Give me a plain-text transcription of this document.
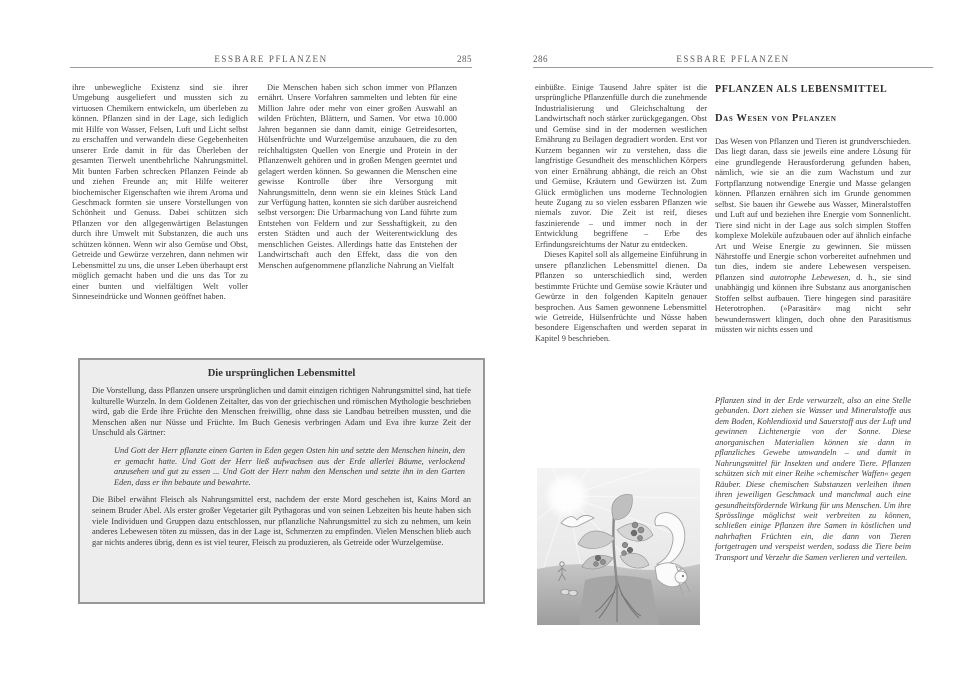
ESSBARE PFLANZEN	285

ihre unbewegliche Existenz sind sie ihrer Umgebung ausgeliefert und mussten sich zu virtuosen Chemikern entwickeln, um überleben zu können. Pflanzen sind in der Lage, sich lediglich mit Hilfe von Wasser, Felsen, Luft und Licht selbst zu erschaffen und verwandeln diese Gegebenheiten unserer Erde damit in für das Überleben der gesamten Tierwelt unentbehrliche Nahrungsmittel. Mit bunten Farben schrecken Pflanzen Feinde ab und ziehen Freunde an; mit Hilfe weiterer biochemischer Eigenschaften wie ihrem Aroma und Geschmack formten sie unsere Vorstellungen von Schönheit und Genuss. Dabei schützen sich Pflanzen vor den allgegenwärtigen Belastungen durch ihre Umwelt mit Substanzen, die auch uns schützen können. Wenn wir also Gemüse und Obst, Getreide und Gewürze verzehren, dann nehmen wir Lebensmittel zu uns, die unser Leben überhaupt erst möglich gemacht haben und die uns das Tor zu einer bunten und vielfältigen Welt voller Sinneseindrücke und Wonnen geöffnet haben.

Die Menschen haben sich schon immer von Pflanzen ernährt. Unsere Vorfahren sammelten und lebten für eine Million Jahre oder mehr von einer großen Auswahl an wilden Früchten, Blättern, und Samen. Vor etwa 10.000 Jahren begannen sie dann damit, einige Getreidesorten, Hülsenfrüchte und Wurzelgemüse anzubauen, die zu den reichhaltigsten Quellen von Energie und Protein in der Pflanzenwelt gehören und in großen Mengen geerntet und gelagert werden können. So gewannen die Menschen eine gewisse Kontrolle über ihre Versorgung mit Nahrungsmitteln, denn wenn sie ein kleines Stück Land zur Verfügung hatten, konnten sie sich darüber ausreichend selbst versorgen: Die Urbarmachung von Land führte zum Entstehen von Feldern und zur Sesshaftigkeit, zu den ersten Städten und auch der Weiterentwicklung des menschlichen Geistes. Allerdings hatte das Entstehen der Landwirtschaft auch den Effekt, dass die von den Menschen aufgenommene pflanzliche Nahrung an Vielfalt

Die ursprünglichen Lebensmittel

Die Vorstellung, dass Pflanzen unsere ursprünglichen und damit einzigen richtigen Nahrungsmittel sind, hat tiefe kulturelle Wurzeln. In dem Goldenen Zeitalter, das von der griechischen und römischen Mythologie beschrieben wird, gab die Erde ihre Früchte den Menschen freiwillig, ohne dass sie Landbau betreiben mussten, und die Menschen aßen nur Nüsse und Früchte. Im Buch Genesis verbringen Adam und Eva ihre kurze Zeit der Unschuld als Gärtner:

Und Gott der Herr pflanzte einen Garten in Eden gegen Osten hin und setzte den Menschen hinein, den er gemacht hatte. Und Gott der Herr ließ aufwachsen aus der Erde allerlei Bäume, verlockend anzusehen und gut zu essen ... Und Gott der Herr nahm den Menschen und setzte ihn in den Garten Eden, dass er ihn bebaute und bewahrte.

Die Bibel erwähnt Fleisch als Nahrungsmittel erst, nachdem der erste Mord geschehen ist, Kains Mord an seinem Bruder Abel. Als erster großer Vegetarier gilt Pythagoras und von seinen Lebzeiten bis heute haben sich viele Individuen und Gruppen dazu entschlossen, nur pflanzliche Nahrungsmittel zu sich zu nehmen, um kein anderes Lebewesen töten zu müssen, das in der Lage ist, Schmerzen zu empfinden. Vielen Menschen blieb auch gar nichts anderes übrig, denn es ist viel teurer, Fleisch zu produzieren, als Getreide oder Wurzelgemüse.

ESSBARE PFLANZEN
286

einbüßte. Einige Tausend Jahre später ist die ursprüngliche Pflanzenfülle durch die zunehmende Industrialisierung und Gleichschaltung der Landwirtschaft noch stärker zurückgegangen. Obst und Gemüse sind in der modernen westlichen Ernährung zu Beilagen degradiert worden. Erst vor Kurzem begannen wir zu verstehen, dass die langfristige Gesundheit des menschlichen Körpers von einer Ernährung abhängt, die reich an Obst und Gemüse, Kräutern und Gewürzen ist. Zum Glück ermöglichen uns moderne Technologien heute Zugang zu so vielen essbaren Pflanzen wie niemals zuvor. Die Zeit ist reif, dieses faszinierende – und immer noch in der Entwicklung begriffene – Erbe des Erfindungsreichtums der Natur zu entdecken.

Dieses Kapitel soll als allgemeine Einführung in unsere pflanzlichen Lebensmittel dienen. Da Pflanzen so unterschiedlich sind, werden bestimmte Früchte und Gemüse sowie Kräuter und Gewürze in den folgenden Kapiteln genauer besprochen. Aus Samen gewonnene Lebensmittel wie Getreide, Hülsenfrüchte und Nüsse haben besondere Eigenschaften und werden separat in Kapitel 9 beschrieben.

PFLANZEN ALS LEBENSMITTEL
Das Wesen von Pflanzen

Das Wesen von Pflanzen und Tieren ist grundverschieden. Das liegt daran, dass sie jeweils eine andere Lösung für eine grundlegende Herausforderung gefunden haben, nämlich, wie sie an die zum Wachstum und zur Fortpflanzung notwendige Energie und Masse gelangen können. Pflanzen ernähren sich im Grunde genommen selbst. Sie bauen ihr Gewebe aus Wasser, Mineralstoffen und Luft auf und beziehen ihre Energie vom Sonnenlicht. Tiere sind nicht in der Lage aus solch simplen Stoffen komplexe Moleküle aufzubauen oder auf ähnlich einfache Art und Weise Energie zu gewinnen. Sie müssen Nährstoffe und Energie schon vorbereitet aufnehmen und tun dies, indem sie andere Lebewesen verspeisen. Pflanzen sind autotrophe Lebewesen, d. h., sie sind unabhängig und können ihre Substanz aus anorganischen Stoffen selbst aufbauen. Tiere hingegen sind parasitäre Heterotrophen. (»Parasitär« mag nicht sehr bewundernswert klingen, doch ohne den Parasitismus müssten wir nichts essen und

Pflanzen sind in der Erde verwurzelt, also an eine Stelle gebunden. Dort ziehen sie Wasser und Mineralstoffe aus dem Boden, Kohlendioxid und Sauerstoff aus der Luft und gewinnen Lichtenergie von der Sonne. Diese anorganischen Materialien können sie dann in pflanzliches Gewebe umwandeln – und damit in Nahrungsmittel für Insekten und andere Tiere. Pflanzen schützen sich mit einer Reihe »chemischer Waffen« gegen Räuber. Diese chemischen Substanzen verleihen ihnen ihren jeweiligen Geschmack und manchmal auch eine gesundheitsfördernde Wirkung für uns Menschen. Um ihre Sprösslinge möglichst weit verbreiten zu können, schließen einige Pflanzen ihre Samen in köstlichen und nahrhaften Früchten ein, die dann von Tieren fortgetragen und verspeist werden, sodass die Tiere beim Transport und Verzehr die Samen verlieren und verteilen.
